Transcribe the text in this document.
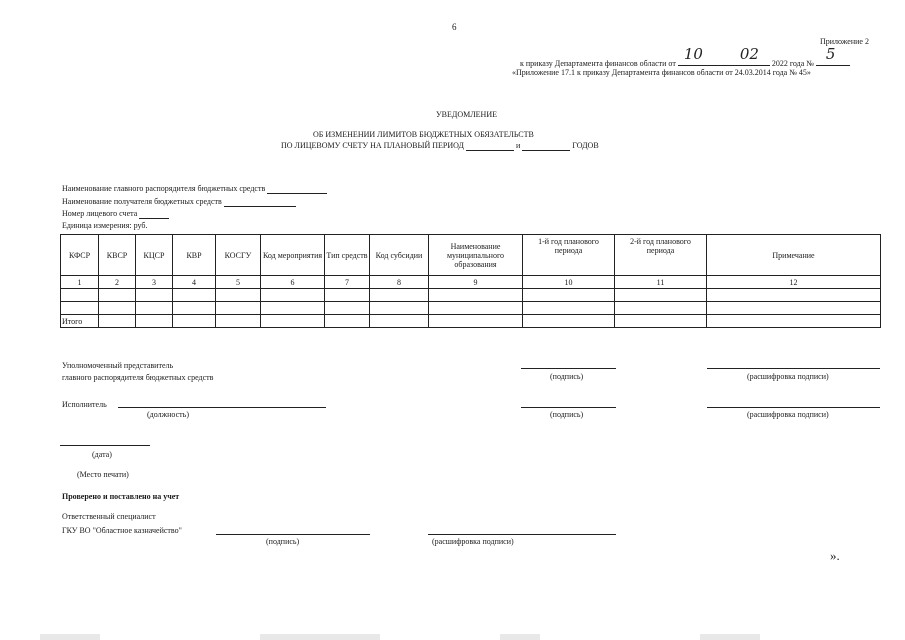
6
Приложение 2
к приказу Департамента финансов области от
10 02
2022 года №
5
«Приложение 17.1 к приказу Департамента финансов области от 24.03.2014 года № 45»
УВЕДОМЛЕНИЕ
ОБ ИЗМЕНЕНИИ ЛИМИТОВ БЮДЖЕТНЫХ ОБЯЗАТЕЛЬСТВ
ПО ЛИЦЕВОМУ СЧЕТУ НА ПЛАНОВЫЙ ПЕРИОД	и	ГОДОВ
Наименование главного распорядителя бюджетных средств
Наименование получателя бюджетных средств
Номер лицевого счета
Единица измерения: руб.
КФСР	КВСР	КЦСР	КВР	КОСГУ	Код мероприятия	Тип средств	Код субсидии	Наименование муниципального образования	1-й год планового периода	2-й год планового периода	Примечание
1	2	3	4	5	6	7	8	9	10	11	12

Итого											
Уполномоченный представитель
главного распорядителя бюджетных средств	(подпись)	(расшифровка подписи)
Исполнитель
(должность)	(подпись)	(расшифровка подписи)
(дата)
(Место печати)
Проверено и поставлено на учет
Ответственный специалист
ГКУ ВО "Областное казначейство"
(подпись)	(расшифровка подписи)
».
